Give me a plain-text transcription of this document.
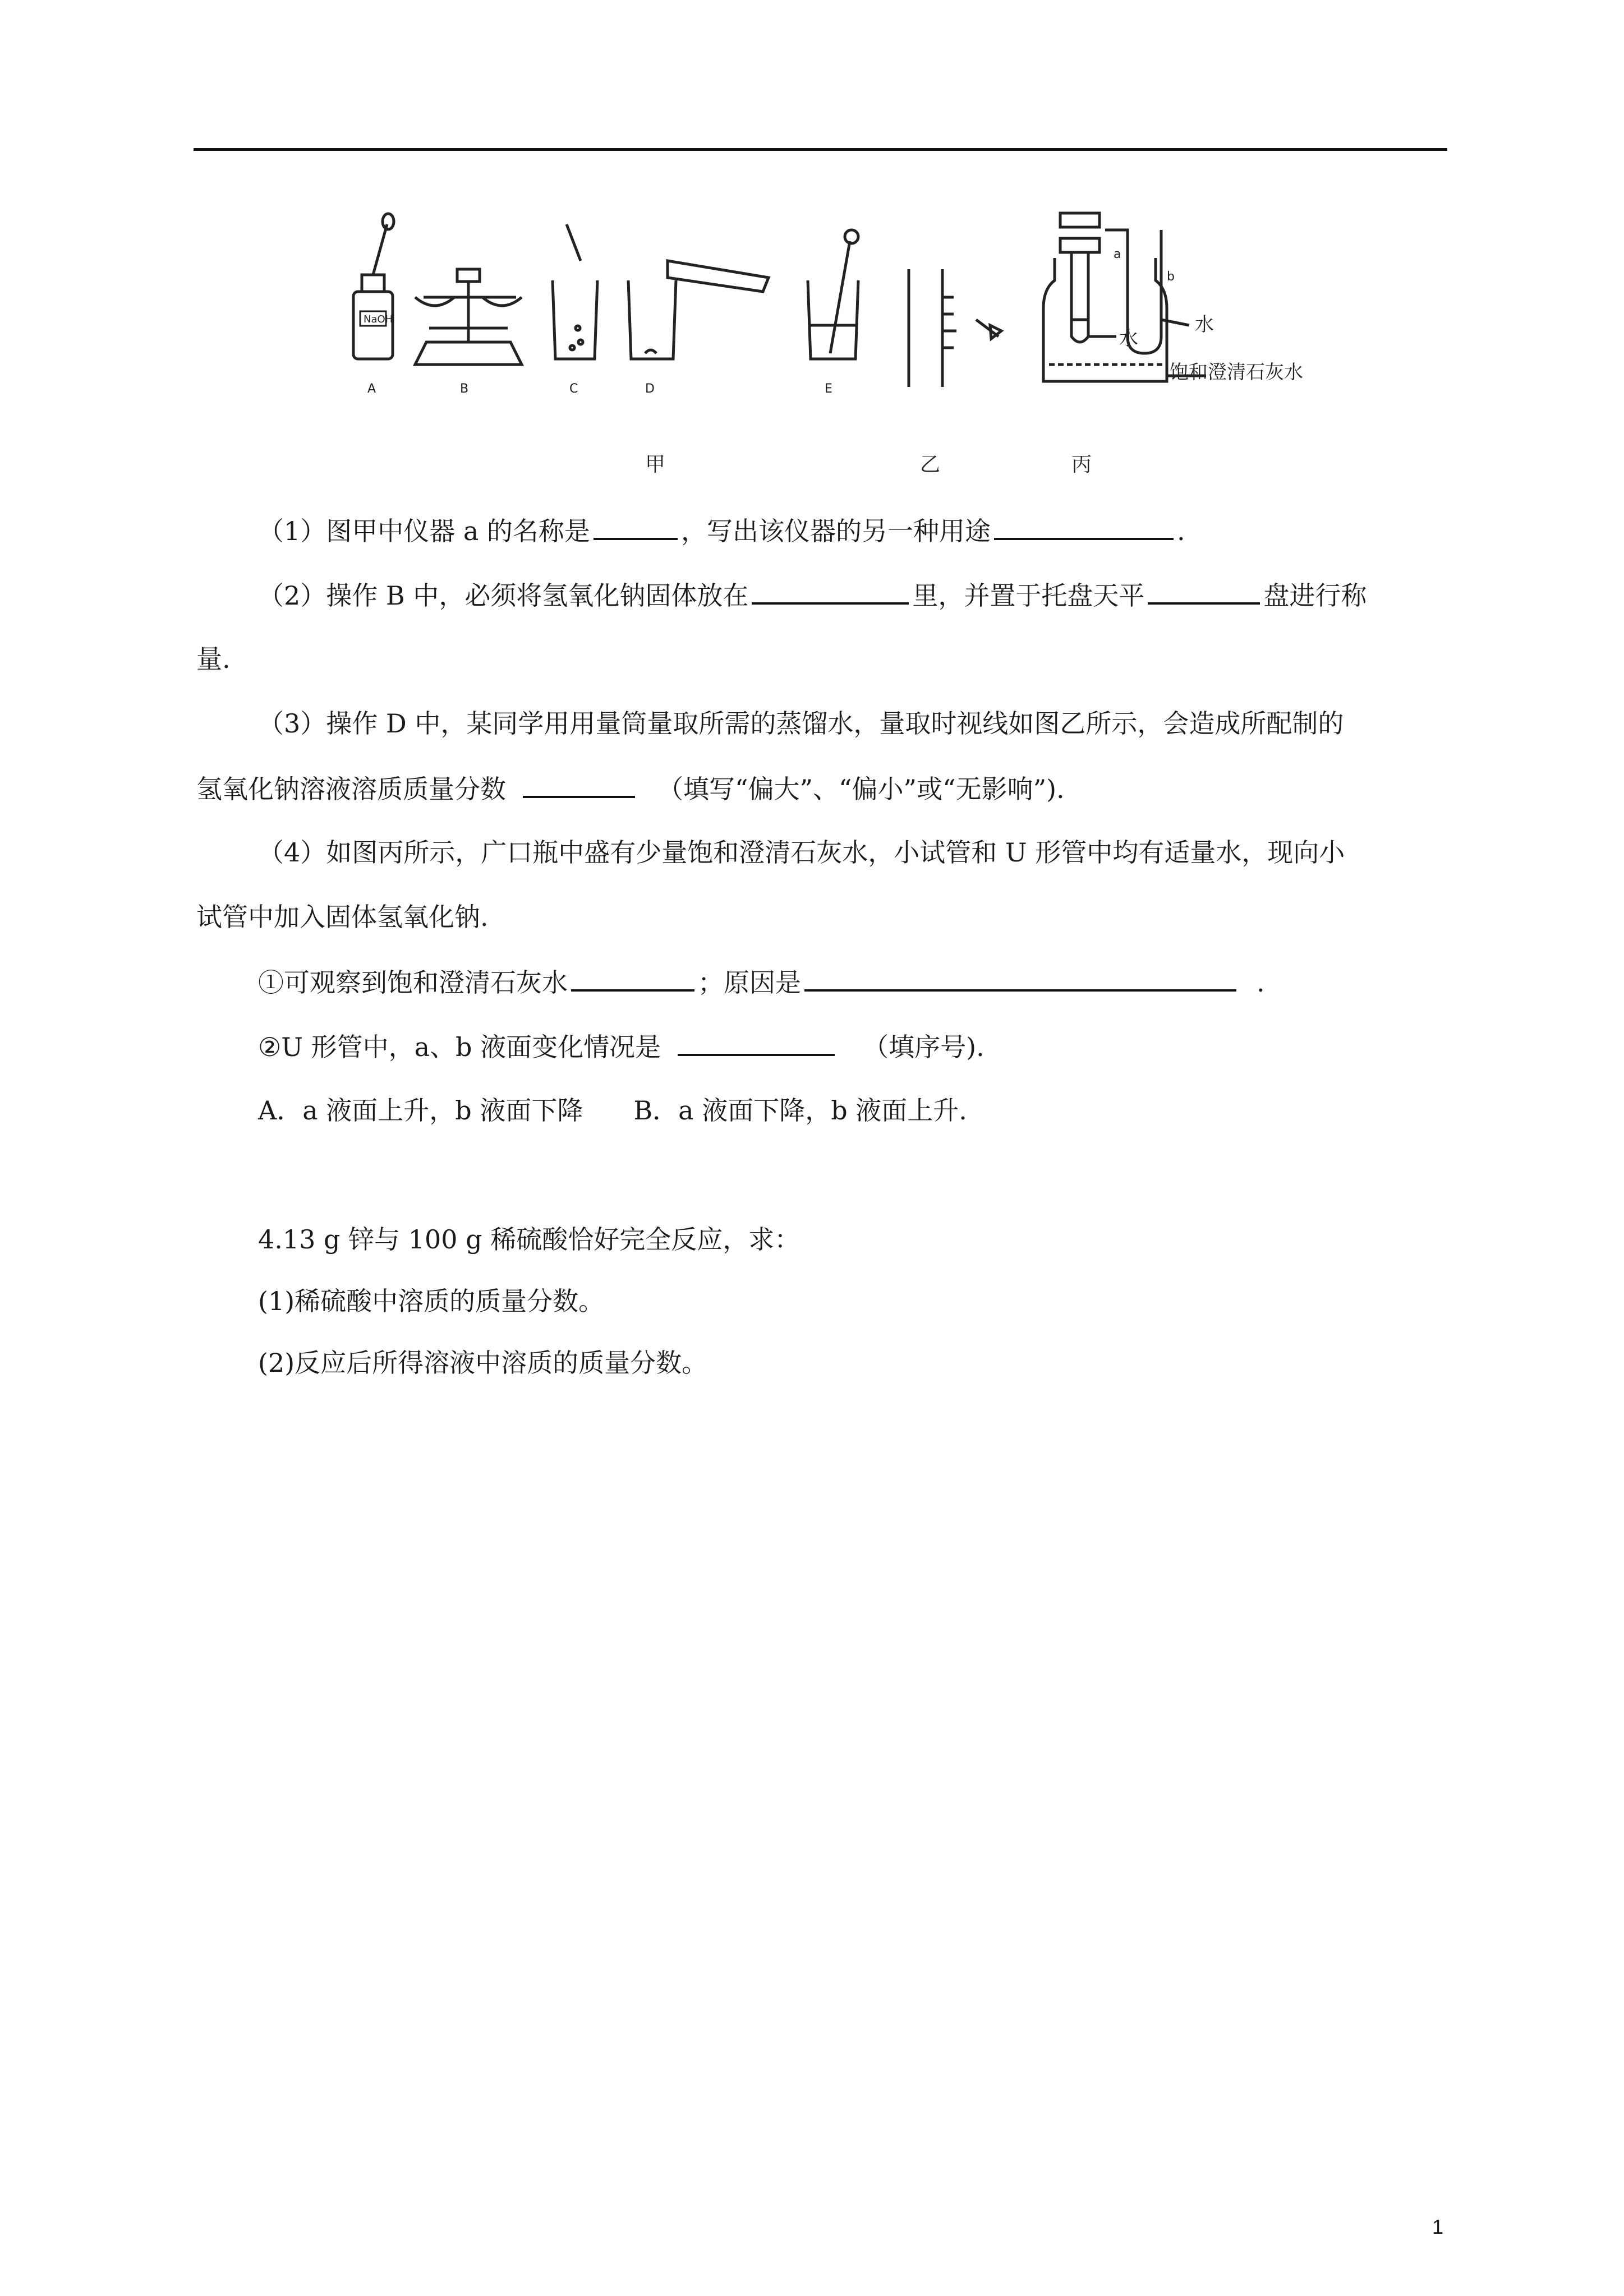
NaOH
A	B	C	D	E
a
b
水
水
饱和澄清石灰水
甲	乙	丙
（1）图甲中仪器 a 的名称是	，写出该仪器的另一种用途	.
（2）操作 B 中，必须将氢氧化钠固体放在	里，并置于托盘天平	盘进行称
量.
（3）操作 D 中，某同学用用量筒量取所需的蒸馏水，量取时视线如图乙所示，会造成所配制的
氢氧化钠溶液溶质质量分数	（填写“偏大”、“偏小”或“无影响”).
（4）如图丙所示，广口瓶中盛有少量饱和澄清石灰水，小试管和 U 形管中均有适量水，现向小
试管中加入固体氢氧化钠.
①可观察到饱和澄清石灰水	；原因是	.
②U 形管中，a、b 液面变化情况是	（填序号).
A．a 液面上升，b 液面下降 B．a 液面下降，b 液面上升.
4.13 g 锌与 100 g 稀硫酸恰好完全反应，求：
(1)稀硫酸中溶质的质量分数。
(2)反应后所得溶液中溶质的质量分数。
1
